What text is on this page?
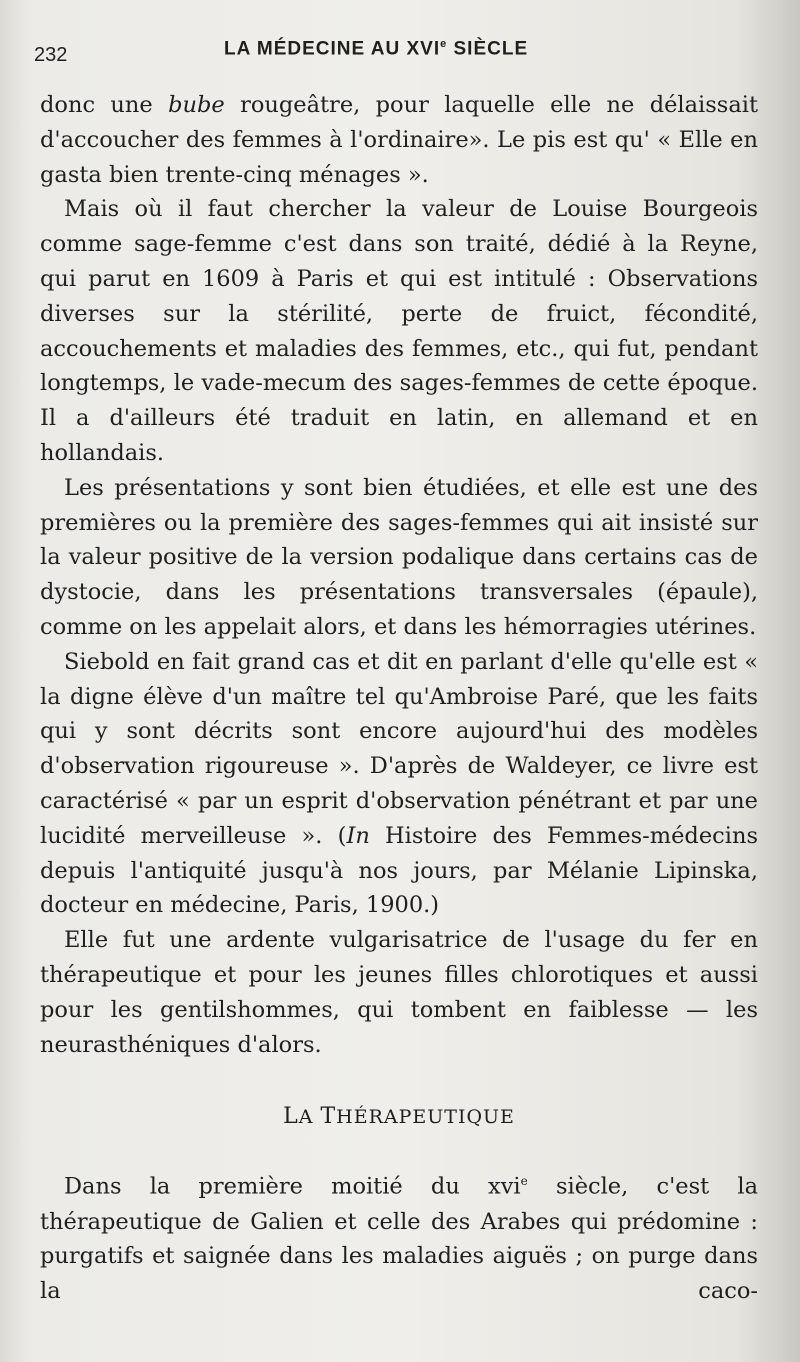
232	LA MÉDECINE AU XVIe SIÈCLE

donc une bube rougeâtre, pour laquelle elle ne délaissait d'accoucher des femmes à l'ordinaire». Le pis est qu' « Elle en gasta bien trente-cinq ménages ».

Mais où il faut chercher la valeur de Louise Bourgeois comme sage-femme c'est dans son traité, dédié à la Reyne, qui parut en 1609 à Paris et qui est intitulé : Observations diverses sur la stérilité, perte de fruict, fécondité, accouchements et maladies des femmes, etc., qui fut, pendant longtemps, le vade-mecum des sages-femmes de cette époque. Il a d'ailleurs été traduit en latin, en allemand et en hollandais.

Les présentations y sont bien étudiées, et elle est une des premières ou la première des sages-femmes qui ait insisté sur la valeur positive de la version podalique dans certains cas de dystocie, dans les présentations transversales (épaule), comme on les appelait alors, et dans les hémorragies utérines.

Siebold en fait grand cas et dit en parlant d'elle qu'elle est « la digne élève d'un maître tel qu'Ambroise Paré, que les faits qui y sont décrits sont encore aujourd'hui des modèles d'observation rigoureuse ». D'après de Waldeyer, ce livre est caractérisé « par un esprit d'observation pénétrant et par une lucidité merveilleuse ». (In Histoire des Femmes-médecins depuis l'antiquité jusqu'à nos jours, par Mélanie Lipinska, docteur en médecine, Paris, 1900.)

Elle fut une ardente vulgarisatrice de l'usage du fer en thérapeutique et pour les jeunes filles chlorotiques et aussi pour les gentilshommes, qui tombent en faiblesse — les neurasthéniques d'alors.

LA THÉRAPEUTIQUE

Dans la première moitié du xvi$^e$ siècle, c'est la thérapeutique de Galien et celle des Arabes qui prédomine : purgatifs et saignée dans les maladies aiguës ; on purge dans la caco-
